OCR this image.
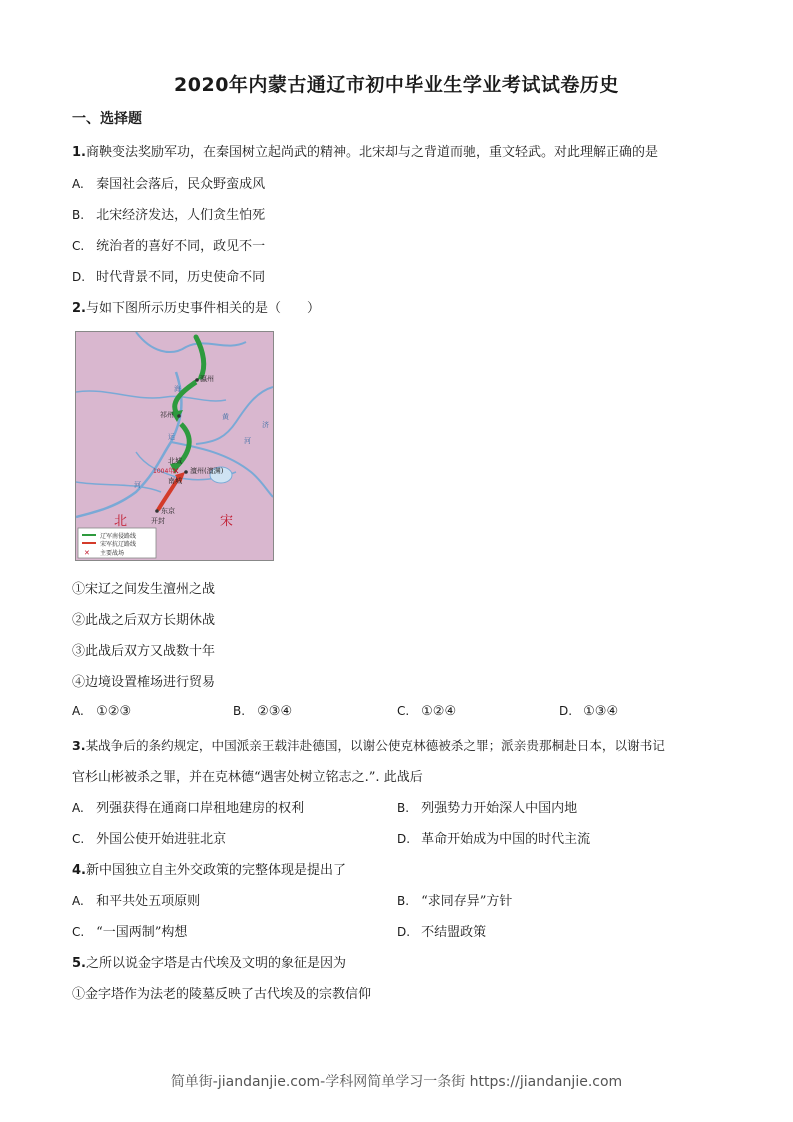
2020年内蒙古通辽市初中毕业生学业考试试卷历史
一、选择题
1.商鞅变法奖励军功，在秦国树立起尚武的精神。北宋却与之背道而驰，重文轻武。对此理解正确的是
A. 秦国社会落后，民众野蛮成风
B. 北宋经济发达，人们贪生怕死
C. 统治者的喜好不同，政见不一
D. 时代背景不同，历史使命不同
2.与如下图所示历史事件相关的是（　　）
✕
✕
瀛州
祁州
北城
1004年 澶州(澶渊)
南城
东京
开封
北	宋
海
运
黄
河
河
济
辽军南侵路线
宋军抗辽路线
主要战场
①宋辽之间发生澶州之战
②此战之后双方长期休战
③此战后双方又战数十年
④边境设置榷场进行贸易
A. ①②③	B. ②③④	C. ①②④	D. ①③④
3.某战争后的条约规定，中国派亲王载沣赴德国，以谢公使克林德被杀之罪；派亲贵那桐赴日本，以谢书记
官杉山彬被杀之罪，并在克林德“遇害处树立铭志之.”. 此战后
A. 列强获得在通商口岸租地建房的权利	B. 列强势力开始深人中国内地
C. 外国公使开始进驻北京	D. 革命开始成为中国的时代主流
4.新中国独立自主外交政策的完整体现是提出了
A. 和平共处五项原则	B. “求同存异”方针
C. “一国两制”构想	D. 不结盟政策
5.之所以说金字塔是古代埃及文明的象征是因为
①金字塔作为法老的陵墓反映了古代埃及的宗教信仰
简单街-jiandanjie.com-学科网简单学习一条街 https://jiandanjie.com
